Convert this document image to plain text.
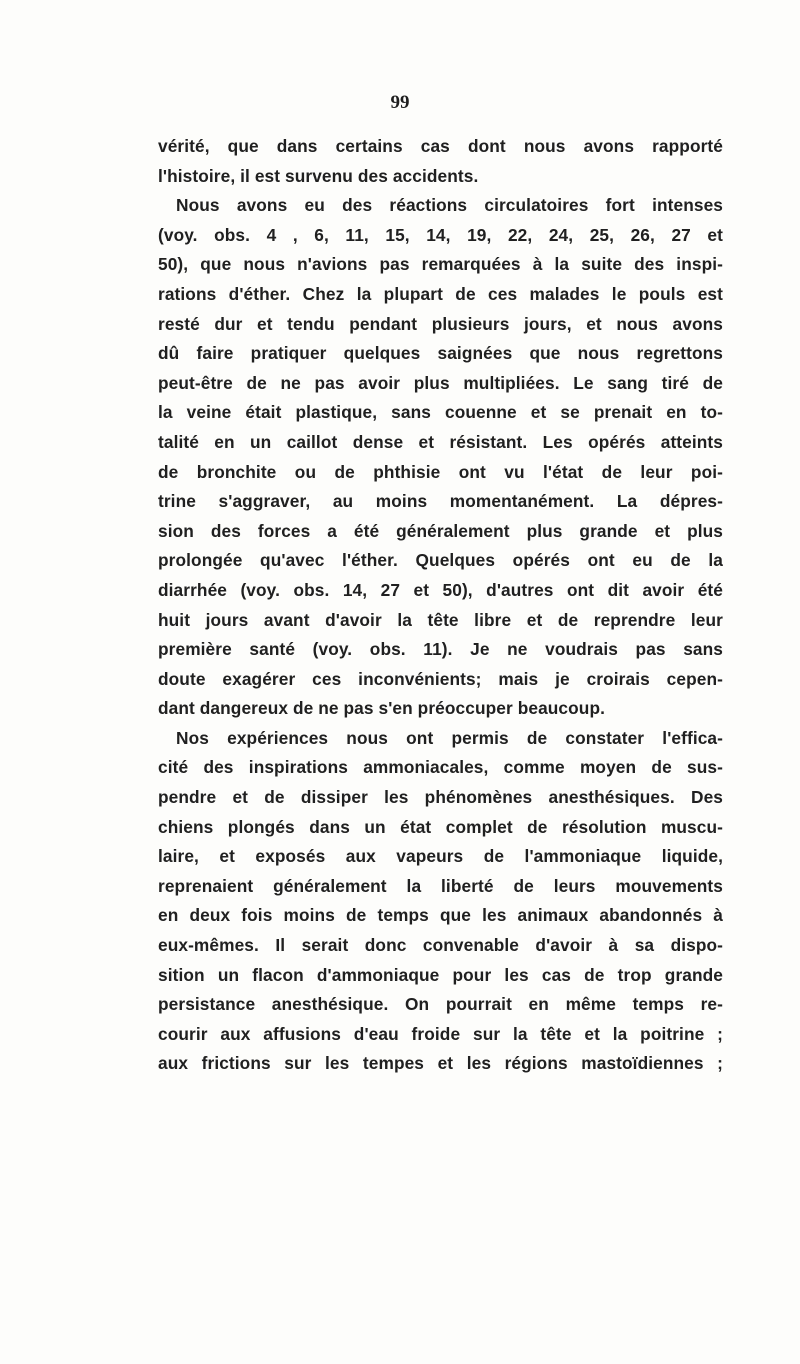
99
vérité, que dans certains cas dont nous avons rapporté
l'histoire, il est survenu des accidents.
Nous avons eu des réactions circulatoires fort intenses
(voy. obs. 4 , 6, 11, 15, 14, 19, 22, 24, 25, 26, 27 et
50), que nous n'avions pas remarquées à la suite des inspi-
rations d'éther. Chez la plupart de ces malades le pouls est
resté dur et tendu pendant plusieurs jours, et nous avons
dû faire pratiquer quelques saignées que nous regrettons
peut-être de ne pas avoir plus multipliées. Le sang tiré de
la veine était plastique, sans couenne et se prenait en to-
talité en un caillot dense et résistant. Les opérés atteints
de bronchite ou de phthisie ont vu l'état de leur poi-
trine s'aggraver, au moins momentanément. La dépres-
sion des forces a été généralement plus grande et plus
prolongée qu'avec l'éther. Quelques opérés ont eu de la
diarrhée (voy. obs. 14, 27 et 50), d'autres ont dit avoir été
huit jours avant d'avoir la tête libre et de reprendre leur
première santé (voy. obs. 11). Je ne voudrais pas sans
doute exagérer ces inconvénients; mais je croirais cepen-
dant dangereux de ne pas s'en préoccuper beaucoup.
Nos expériences nous ont permis de constater l'effica-
cité des inspirations ammoniacales, comme moyen de sus-
pendre et de dissiper les phénomènes anesthésiques. Des
chiens plongés dans un état complet de résolution muscu-
laire, et exposés aux vapeurs de l'ammoniaque liquide,
reprenaient généralement la liberté de leurs mouvements
en deux fois moins de temps que les animaux abandonnés à
eux-mêmes. Il serait donc convenable d'avoir à sa dispo-
sition un flacon d'ammoniaque pour les cas de trop grande
persistance anesthésique. On pourrait en même temps re-
courir aux affusions d'eau froide sur la tête et la poitrine ;
aux frictions sur les tempes et les régions mastoïdiennes ;
